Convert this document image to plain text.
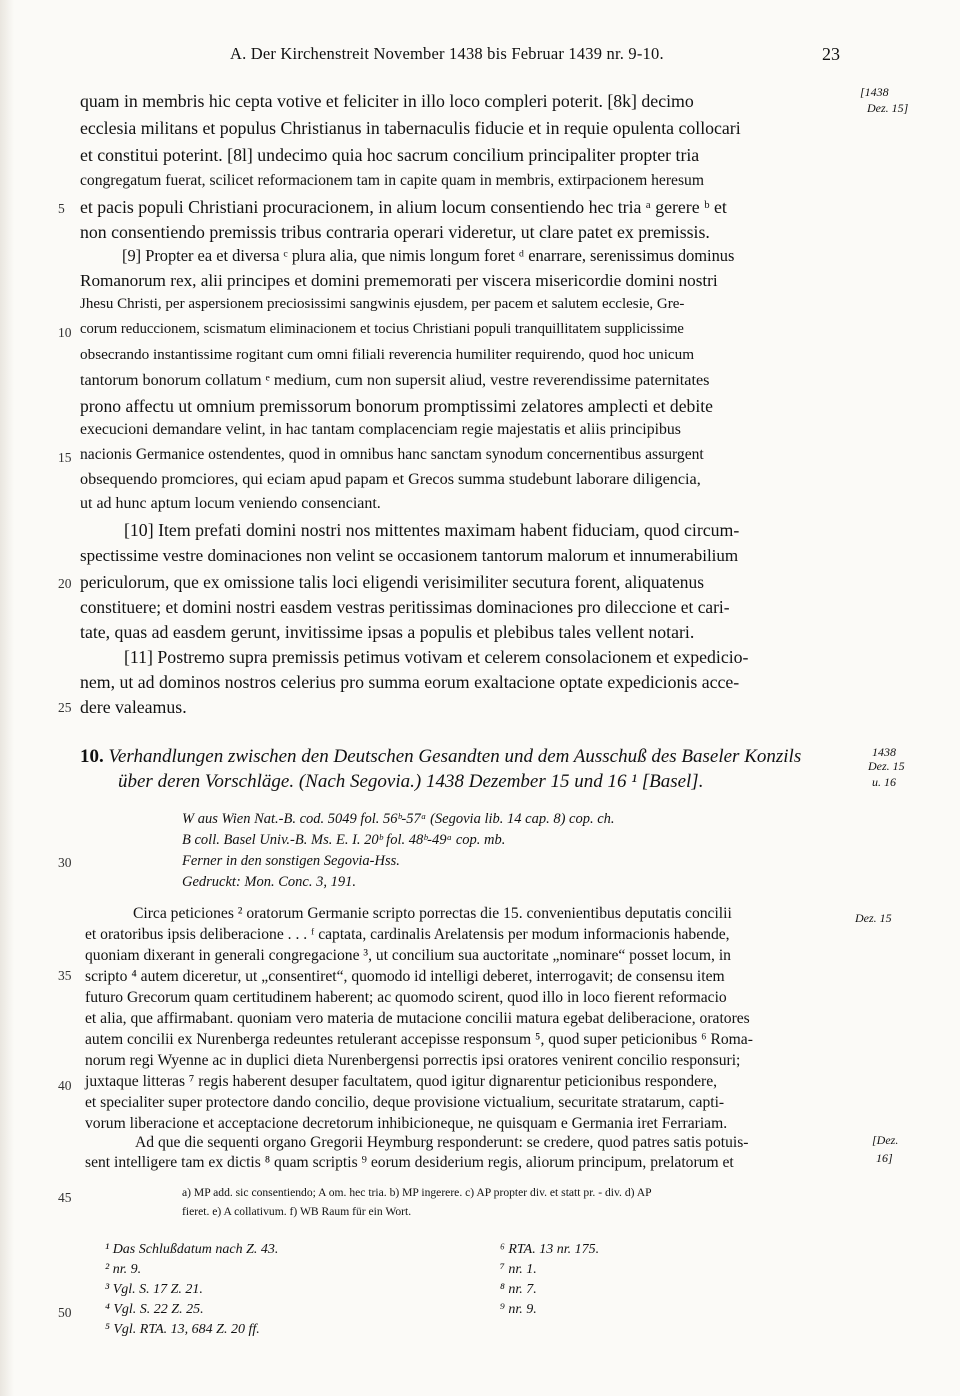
A. Der Kirchenstreit November 1438 bis Februar 1439 nr. 9-10.	23
quam in membris hic cepta votive et feliciter in illo loco compleri poterit. [8k] decimo
ecclesia militans et populus Christianus in tabernaculis fiducie et in requie opulenta collocari
et constitui poterint. [8l] undecimo quia hoc sacrum concilium principaliter propter tria
congregatum fuerat, scilicet reformacionem tam in capite quam in membris, extirpacionem heresum
et pacis populi Christiani procuracionem, in alium locum consentiendo hec tria ᵃ gerere ᵇ et
non consentiendo premissis tribus contraria operari videretur, ut clare patet ex premissis.
[9] Propter ea et diversa ᶜ plura alia, que nimis longum foret ᵈ enarrare, serenissimus dominus
Romanorum rex, alii principes et domini prememorati per viscera misericordie domini nostri
Jhesu Christi, per aspersionem preciosissimi sangwinis ejusdem, per pacem et salutem ecclesie, Gre-
corum reduccionem, scismatum eliminacionem et tocius Christiani populi tranquillitatem supplicissime
obsecrando instantissime rogitant cum omni filiali reverencia humiliter requirendo, quod hoc unicum
tantorum bonorum collatum ᵉ medium, cum non supersit aliud, vestre reverendissime paternitates
prono affectu ut omnium premissorum bonorum promptissimi zelatores amplecti et debite
execucioni demandare velint, in hac tantam complacenciam regie majestatis et aliis principibus
nacionis Germanice ostendentes, quod in omnibus hanc sanctam synodum concernentibus assurgent
obsequendo promciores, qui eciam apud papam et Grecos summa studebunt laborare diligencia,
ut ad hunc aptum locum veniendo consenciant.
[10] Item prefati domini nostri nos mittentes maximam habent fiduciam, quod circum-
spectissime vestre dominaciones non velint se occasionem tantorum malorum et innumerabilium
periculorum, que ex omissione talis loci eligendi verisimiliter secutura forent, aliquatenus
constituere; et domini nostri easdem vestras peritissimas dominaciones pro dileccione et cari-
tate, quas ad easdem gerunt, invitissime ipsas a populis et plebibus tales vellent notari.
[11] Postremo supra premissis petimus votivam et celerem consolacionem et expedicio-
nem, ut ad dominos nostros celerius pro summa eorum exaltacione optate expedicionis acce-
dere valeamus.
5
10
15
20
25
30
35
40
45
50
[1438
Dez. 15]
1438
Dez. 15
u. 16
Dez. 15
[Dez.
16]
10. Verhandlungen zwischen den Deutschen Gesandten und dem Ausschuß des Baseler Konzils
über deren Vorschläge. (Nach Segovia.) 1438 Dezember 15 und 16 ¹ [Basel].
W aus Wien Nat.-B. cod. 5049 fol. 56ᵇ-57ᵃ (Segovia lib. 14 cap. 8) cop. ch.
B coll. Basel Univ.-B. Ms. E. I. 20ᵇ fol. 48ᵇ-49ᵃ cop. mb.
Ferner in den sonstigen Segovia-Hss.
Gedruckt: Mon. Conc. 3, 191.
Circa peticiones ² oratorum Germanie scripto porrectas die 15. convenientibus deputatis concilii
et oratoribus ipsis deliberacione . . . ᶠ captata, cardinalis Arelatensis per modum informacionis habende,
quoniam dixerant in generali congregacione ³, ut concilium sua auctoritate „nominare“ posset locum, in
scripto ⁴ autem diceretur, ut „consentiret“, quomodo id intelligi deberet, interrogavit; de consensu item
futuro Grecorum quam certitudinem haberent; ac quomodo scirent, quod illo in loco fierent reformacio
et alia, que affirmabant. quoniam vero materia de mutacione concilii matura egebat deliberacione, oratores
autem concilii ex Nurenberga redeuntes retulerant accepisse responsum ⁵, quod super peticionibus ⁶ Roma-
norum regi Wyenne ac in duplici dieta Nurenbergensi porrectis ipsi oratores venirent concilio responsuri;
juxtaque litteras ⁷ regis haberent desuper facultatem, quod igitur dignarentur peticionibus respondere,
et specialiter super protectore dando concilio, deque provisione victualium, securitate stratarum, capti-
vorum liberacione et acceptacione decretorum inhibicioneque, ne quisquam e Germania iret Ferrariam.
Ad que die sequenti organo Gregorii Heymburg responderunt: se credere, quod patres satis potuis-
sent intelligere tam ex dictis ⁸ quam scriptis ⁹ eorum desiderium regis, aliorum principum, prelatorum et
a) MP add. sic consentiendo; A om. hec tria. b) MP ingerere. c) AP propter div. et statt pr. - div. d) AP
fieret. e) A collativum. f) WB Raum für ein Wort.
¹ Das Schlußdatum nach Z. 43.
² nr. 9.
³ Vgl. S. 17 Z. 21.
⁴ Vgl. S. 22 Z. 25.
⁵ Vgl. RTA. 13, 684 Z. 20 ff.
⁶ RTA. 13 nr. 175.
⁷ nr. 1.
⁸ nr. 7.
⁹ nr. 9.
